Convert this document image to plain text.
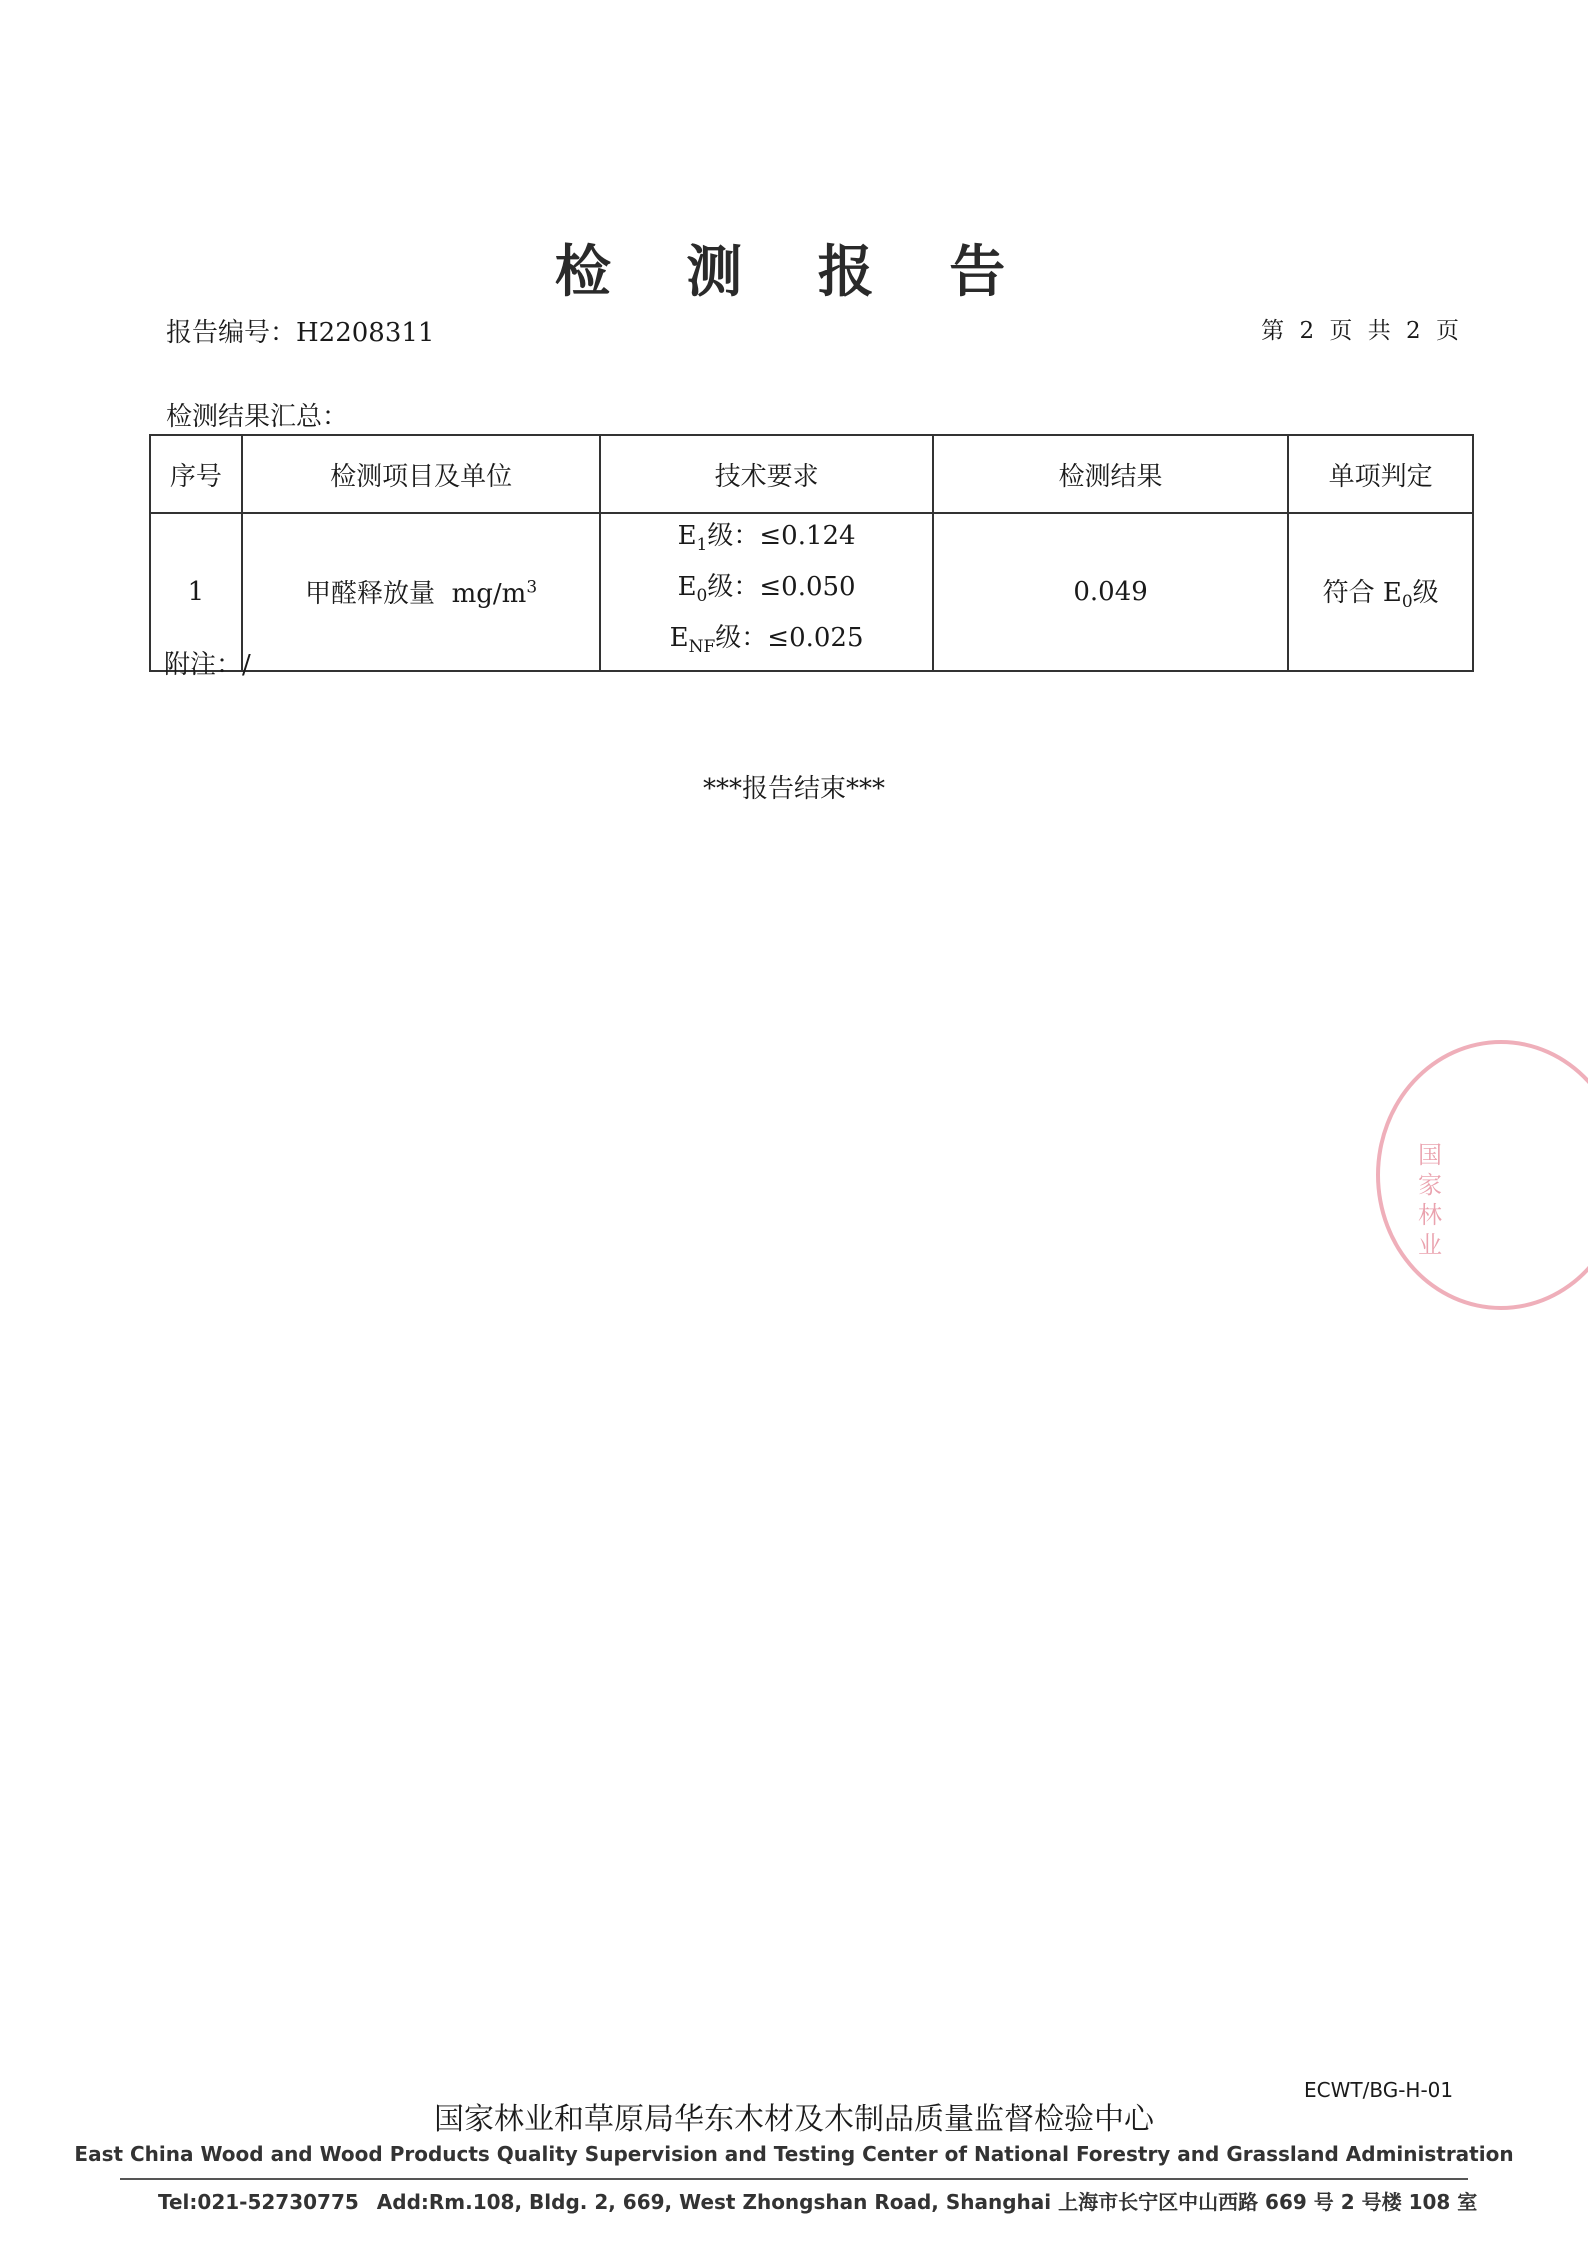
检 测 报 告
报告编号：H2208311	第 2 页 共 2 页
检测结果汇总：
序号	检测项目及单位	技术要求	检测结果	单项判定
1	甲醛释放量 $mg/m^3$	$E_1$级：≤0.124
$E_0$级：≤0.050
$E_{NF}$级：≤0.025	0.049	符合 $E_0$级
附注：/
***报告结束***
国家林业
ECWT/BG-H-01
国家林业和草原局华东木材及木制品质量监督检验中心
East China Wood and Wood Products Quality Supervision and Testing Center of National Forestry and Grassland Administration
Tel:021-52730775 Add:Rm.108, Bldg. 2, 669, West Zhongshan Road, Shanghai 上海市长宁区中山西路 669 号 2 号楼 108 室
